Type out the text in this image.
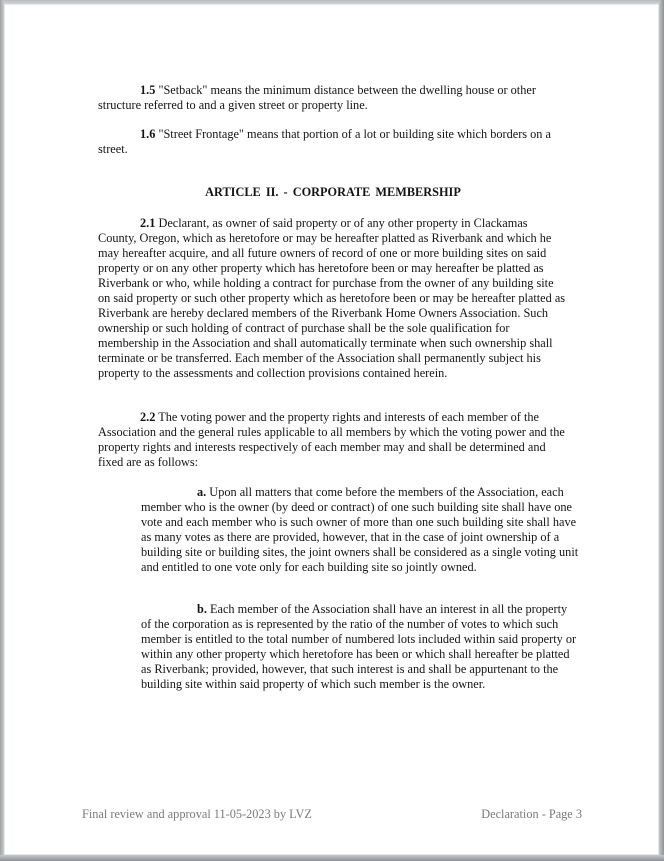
1.5 "Setback" means the minimum distance between the dwelling house or other structure referred to and a given street or property line.

1.6 "Street Frontage" means that portion of a lot or building site which borders on a street.

ARTICLE II. - CORPORATE MEMBERSHIP

2.1 Declarant, as owner of said property or of any other property in Clackamas County, Oregon, which as heretofore or may be hereafter platted as Riverbank and which he may hereafter acquire, and all future owners of record of one or more building sites on said property or on any other property which has heretofore been or may hereafter be platted as Riverbank or who, while holding a contract for purchase from the owner of any building site on said property or such other property which as heretofore been or may be hereafter platted as Riverbank are hereby declared members of the Riverbank Home Owners Association. Such ownership or such holding of contract of purchase shall be the sole qualification for membership in the Association and shall automatically terminate when such ownership shall terminate or be transferred. Each member of the Association shall permanently subject his property to the assessments and collection provisions contained herein.

2.2 The voting power and the property rights and interests of each member of the Association and the general rules applicable to all members by which the voting power and the property rights and interests respectively of each member may and shall be determined and fixed are as follows:

a. Upon all matters that come before the members of the Association, each member who is the owner (by deed or contract) of one such building site shall have one vote and each member who is such owner of more than one such building site shall have as many votes as there are provided, however, that in the case of joint ownership of a building site or building sites, the joint owners shall be considered as a single voting unit and entitled to one vote only for each building site so jointly owned.

b. Each member of the Association shall have an interest in all the property of the corporation as is represented by the ratio of the number of votes to which such member is entitled to the total number of numbered lots included within said property or within any other property which heretofore has been or which shall hereafter be platted as Riverbank; provided, however, that such interest is and shall be appurtenant to the building site within said property of which such member is the owner.

Final review and approval 11-05-2023 by LVZ	Declaration - Page 3
